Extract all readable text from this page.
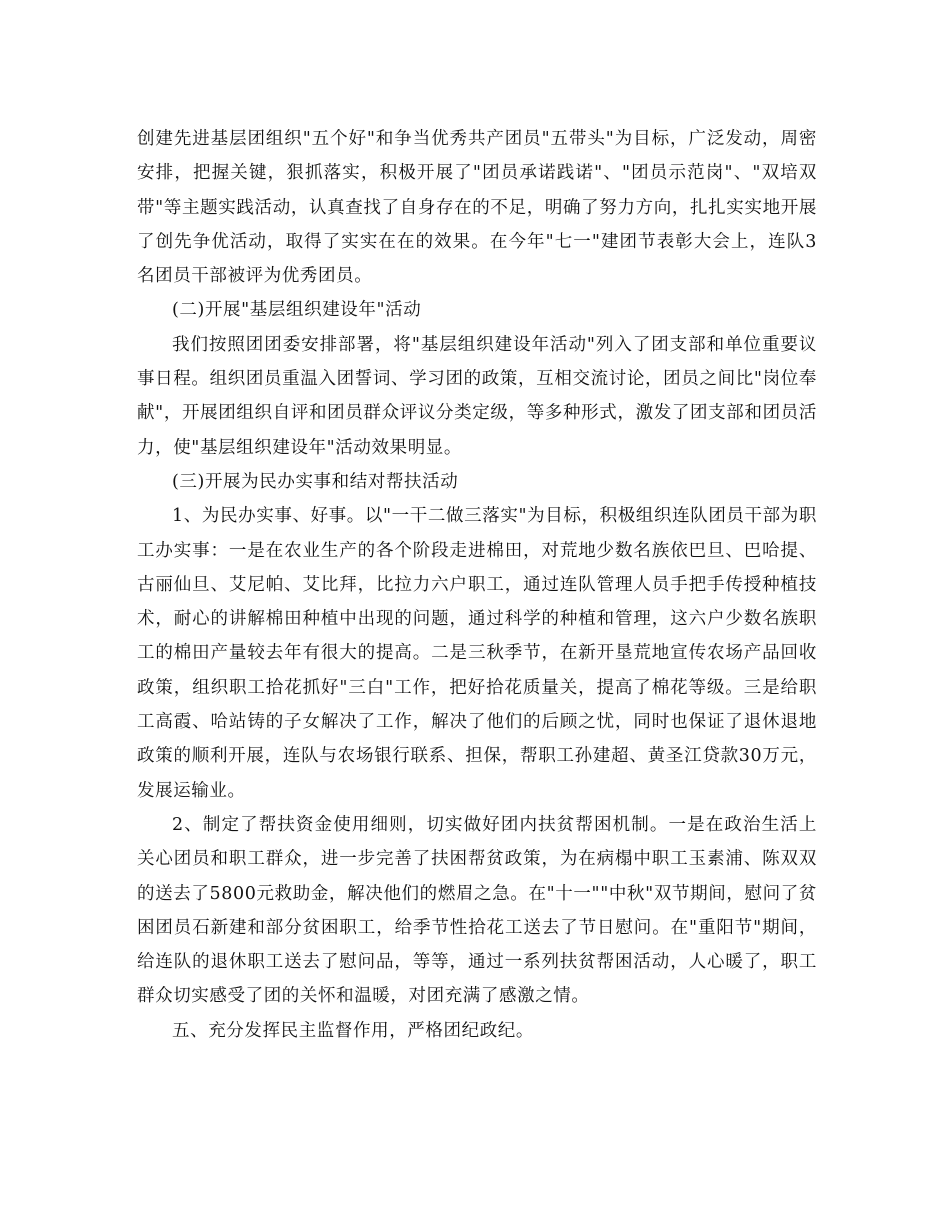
创建先进基层团组织"五个好"和争当优秀共产团员"五带头"为目标，广泛发动，周密安排，把握关键，狠抓落实，积极开展了"团员承诺践诺"、"团员示范岗"、"双培双带"等主题实践活动，认真查找了自身存在的不足，明确了努力方向，扎扎实实地开展了创先争优活动，取得了实实在在的效果。在今年"七一"建团节表彰大会上，连队3名团员干部被评为优秀团员。

(二)开展"基层组织建设年"活动

我们按照团团委安排部署，将"基层组织建设年活动"列入了团支部和单位重要议事日程。组织团员重温入团誓词、学习团的政策，互相交流讨论，团员之间比"岗位奉献"，开展团组织自评和团员群众评议分类定级，等多种形式，激发了团支部和团员活力，使"基层组织建设年"活动效果明显。

(三)开展为民办实事和结对帮扶活动

1、为民办实事、好事。以"一干二做三落实"为目标，积极组织连队团员干部为职工办实事：一是在农业生产的各个阶段走进棉田，对荒地少数名族依巴旦、巴哈提、古丽仙旦、艾尼帕、艾比拜，比拉力六户职工，通过连队管理人员手把手传授种植技术，耐心的讲解棉田种植中出现的问题，通过科学的种植和管理，这六户少数名族职工的棉田产量较去年有很大的提高。二是三秋季节，在新开垦荒地宣传农场产品回收政策，组织职工拾花抓好"三白"工作，把好拾花质量关，提高了棉花等级。三是给职工高霞、哈站铸的子女解决了工作，解决了他们的后顾之忧，同时也保证了退休退地政策的顺利开展，连队与农场银行联系、担保，帮职工孙建超、黄圣江贷款30万元，发展运输业。

2、制定了帮扶资金使用细则，切实做好团内扶贫帮困机制。一是在政治生活上关心团员和职工群众，进一步完善了扶困帮贫政策，为在病榻中职工玉素浦、陈双双的送去了5800元救助金，解决他们的燃眉之急。在"十一""中秋"双节期间，慰问了贫困团员石新建和部分贫困职工，给季节性拾花工送去了节日慰问。在"重阳节"期间，给连队的退休职工送去了慰问品，等等，通过一系列扶贫帮困活动，人心暖了，职工群众切实感受了团的关怀和温暖，对团充满了感激之情。

五、充分发挥民主监督作用，严格团纪政纪。
